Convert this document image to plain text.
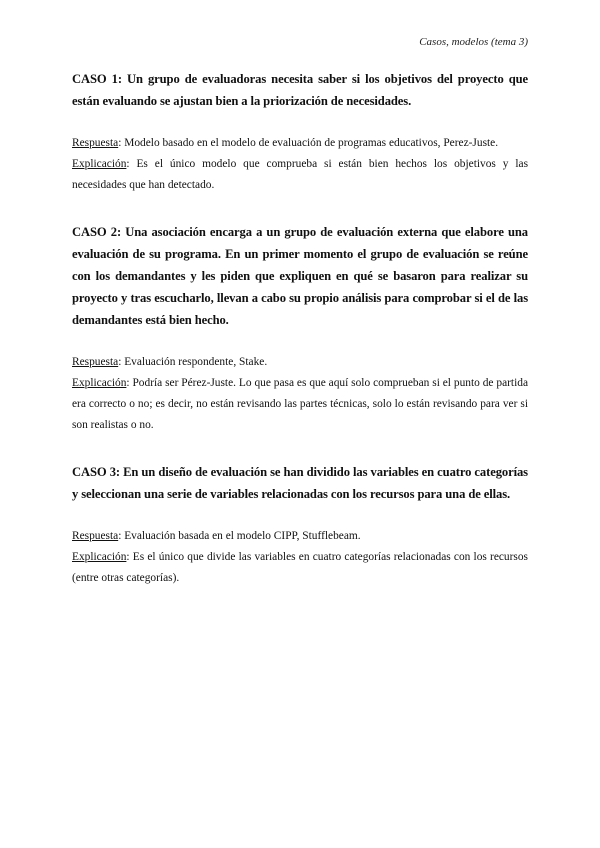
Casos, modelos (tema 3)

CASO 1: Un grupo de evaluadoras necesita saber si los objetivos del proyecto que están evaluando se ajustan bien a la priorización de necesidades.

Respuesta: Modelo basado en el modelo de evaluación de programas educativos, Perez-Juste.

Explicación: Es el único modelo que comprueba si están bien hechos los objetivos y las necesidades que han detectado.

CASO 2: Una asociación encarga a un grupo de evaluación externa que elabore una evaluación de su programa. En un primer momento el grupo de evaluación se reúne con los demandantes y les piden que expliquen en qué se basaron para realizar su proyecto y tras escucharlo, llevan a cabo su propio análisis para comprobar si el de las demandantes está bien hecho.

Respuesta: Evaluación respondente, Stake.

Explicación: Podría ser Pérez-Juste. Lo que pasa es que aquí solo comprueban si el punto de partida era correcto o no; es decir, no están revisando las partes técnicas, solo lo están revisando para ver si son realistas o no.

CASO 3: En un diseño de evaluación se han dividido las variables en cuatro categorías y seleccionan una serie de variables relacionadas con los recursos para una de ellas.

Respuesta: Evaluación basada en el modelo CIPP, Stufflebeam.

Explicación: Es el único que divide las variables en cuatro categorías relacionadas con los recursos (entre otras categorías).
